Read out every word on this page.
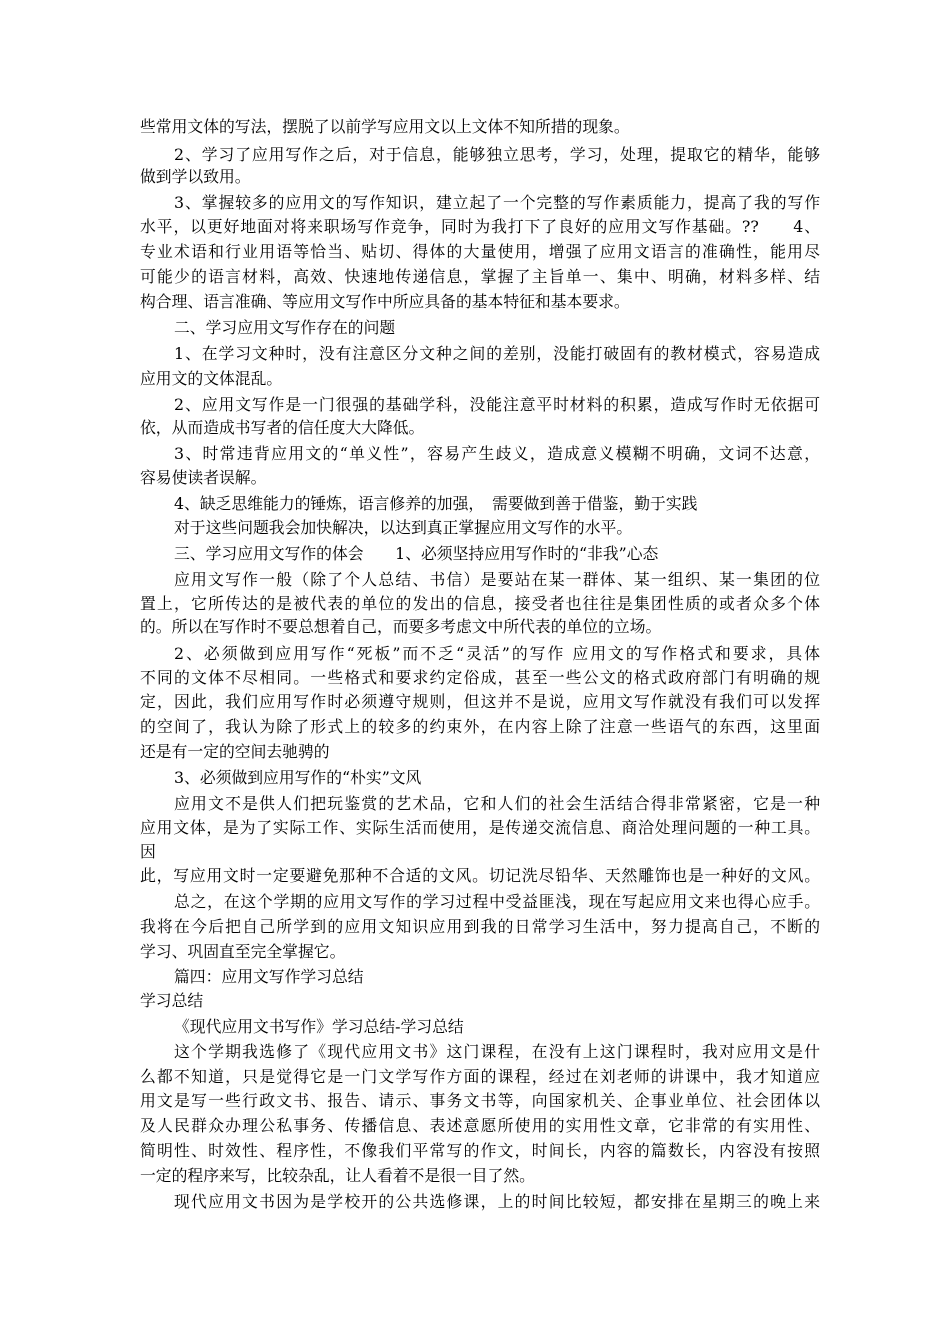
些常用文体的写法，摆脱了以前学写应用文以上文体不知所措的现象。
2、学习了应用写作之后，对于信息，能够独立思考，学习，处理，提取它的精华，能够
做到学以致用。
3、掌握较多的应用文的写作知识，建立起了一个完整的写作素质能力，提高了我的写作
水平，以更好地面对将来职场写作竞争，同时为我打下了良好的应用文写作基础。??　　4、
专业术语和行业用语等恰当、贴切、得体的大量使用，增强了应用文语言的准确性，能用尽
可能少的语言材料，高效、快速地传递信息，掌握了主旨单一、集中、明确，材料多样、结
构合理、语言准确、等应用文写作中所应具备的基本特征和基本要求。
二、学习应用文写作存在的问题
1、在学习文种时，没有注意区分文种之间的差别，没能打破固有的教材模式，容易造成
应用文的文体混乱。
2、应用文写作是一门很强的基础学科，没能注意平时材料的积累，造成写作时无依据可
依，从而造成书写者的信任度大大降低。
3、时常违背应用文的“单义性”，容易产生歧义，造成意义模糊不明确，文词不达意，
容易使读者误解。
4、缺乏思维能力的锤炼，语言修养的加强，　需要做到善于借鉴，勤于实践
对于这些问题我会加快解决，以达到真正掌握应用文写作的水平。
三、学习应用文写作的体会　　1、必须坚持应用写作时的“非我”心态
应用文写作一般（除了个人总结、书信）是要站在某一群体、某一组织、某一集团的位
置上，它所传达的是被代表的单位的发出的信息，接受者也往往是集团性质的或者众多个体
的。所以在写作时不要总想着自己，而要多考虑文中所代表的单位的立场。
2、必须做到应用写作“死板”而不乏“灵活”的写作 应用文的写作格式和要求，具体
不同的文体不尽相同。一些格式和要求约定俗成，甚至一些公文的格式政府部门有明确的规
定，因此，我们应用写作时必须遵守规则，但这并不是说，应用文写作就没有我们可以发挥
的空间了，我认为除了形式上的较多的约束外，在内容上除了注意一些语气的东西，这里面
还是有一定的空间去驰骋的
3、必须做到应用写作的“朴实”文风
应用文不是供人们把玩鉴赏的艺术品，它和人们的社会生活结合得非常紧密，它是一种
应用文体，是为了实际工作、实际生活而使用，是传递交流信息、商洽处理问题的一种工具。
因
此，写应用文时一定要避免那种不合适的文风。切记洗尽铅华、天然雕饰也是一种好的文风。
总之，在这个学期的应用文写作的学习过程中受益匪浅，现在写起应用文来也得心应手。
我将在今后把自己所学到的应用文知识应用到我的日常学习生活中，努力提高自己，不断的
学习、巩固直至完全掌握它。
篇四：应用文写作学习总结
学习总结
《现代应用文书写作》学习总结-学习总结
这个学期我选修了《现代应用文书》这门课程，在没有上这门课程时，我对应用文是什
么都不知道，只是觉得它是一门文学写作方面的课程，经过在刘老师的讲课中，我才知道应
用文是写一些行政文书、报告、请示、事务文书等，向国家机关、企事业单位、社会团体以
及人民群众办理公私事务、传播信息、表述意愿所使用的实用性文章，它非常的有实用性、
简明性、时效性、程序性，不像我们平常写的作文，时间长，内容的篇数长，内容没有按照
一定的程序来写，比较杂乱，让人看着不是很一目了然。
现代应用文书因为是学校开的公共选修课，上的时间比较短，都安排在星期三的晚上来
